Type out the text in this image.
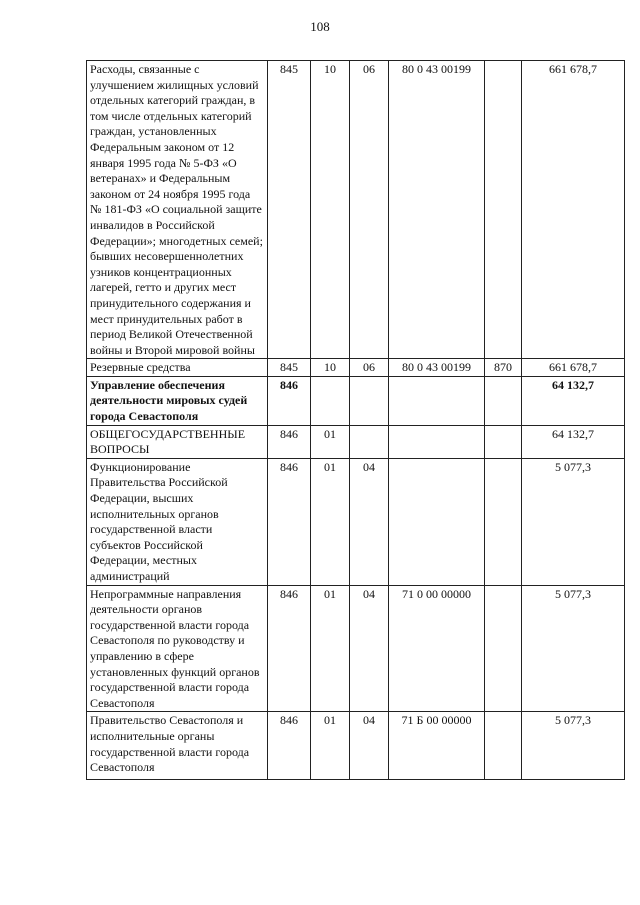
108
Расходы, связанные с улучшением жилищных условий отдельных категорий граждан, в том числе отдельных категорий граждан, установленных Федеральным законом от 12 января 1995 года № 5-ФЗ «О ветеранах» и Федеральным законом от 24 ноября 1995 года № 181-ФЗ «О социальной защите инвалидов в Российской Федерации»; многодетных семей; бывших несовершеннолетних узников концентрационных лагерей, гетто и других мест принудительного содержания и мест принудительных работ в период Великой Отечественной войны и Второй мировой войны	845	10	06	80 0 43 00199		661 678,7
Резервные средства	845	10	06	80 0 43 00199	870	661 678,7
Управление обеспечения деятельности мировых судей города Севастополя	846					64 132,7
ОБЩЕГОСУДАРСТВЕННЫЕ ВОПРОСЫ	846	01				64 132,7
Функционирование Правительства Российской Федерации, высших исполнительных органов государственной власти субъектов Российской Федерации, местных администраций	846	01	04			5 077,3
Непрограммные направления деятельности органов государственной власти города Севастополя по руководству и управлению в сфере установленных функций органов государственной власти города Севастополя	846	01	04	71 0 00 00000		5 077,3
Правительство Севастополя и исполнительные органы государственной власти города Севастополя	846	01	04	71 Б 00 00000		5 077,3
